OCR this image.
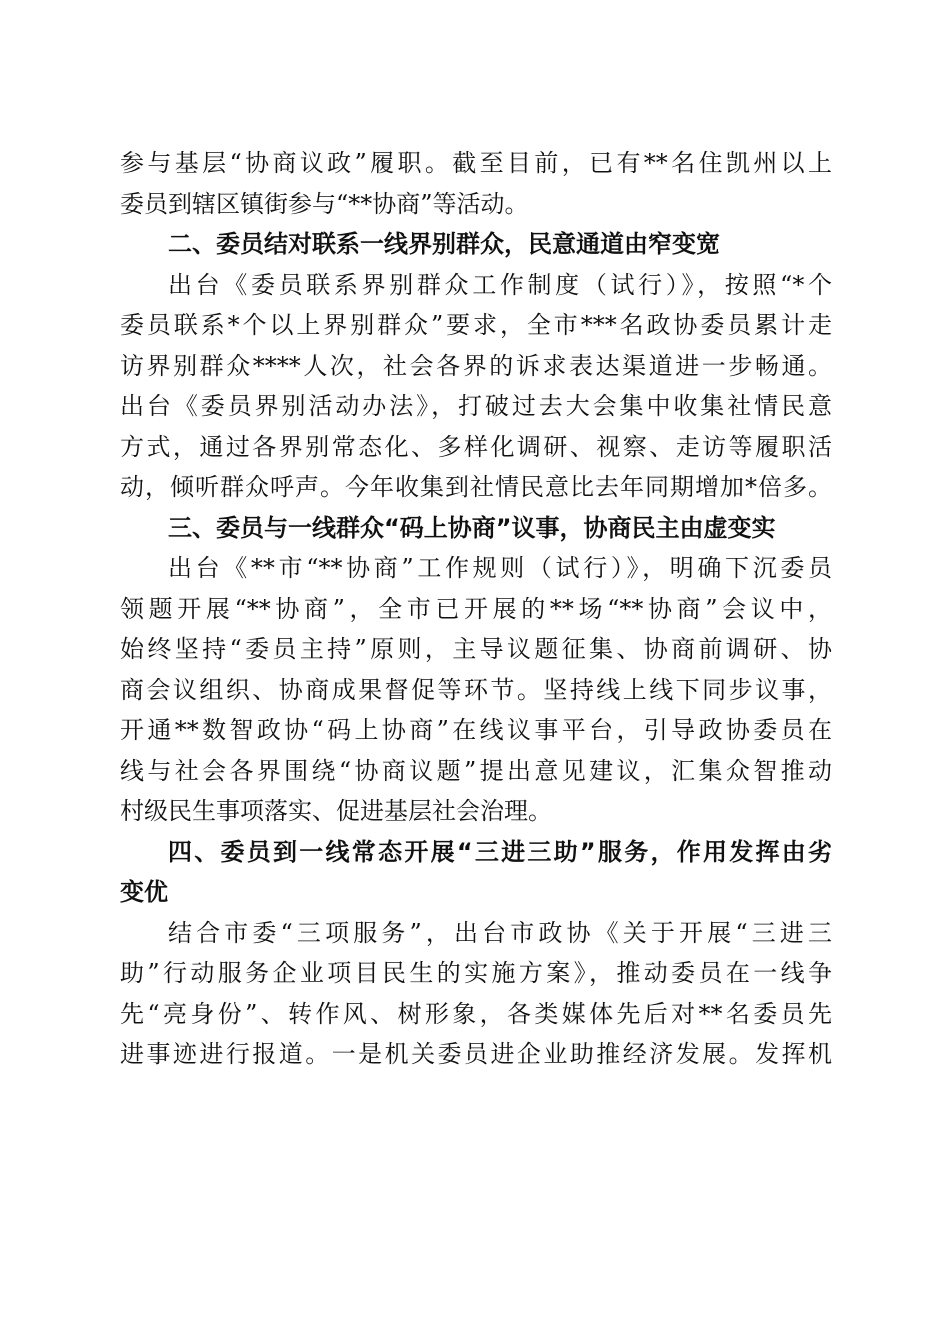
参与基层“协商议政”履职。截至目前，已有**名住凯州以上
委员到辖区镇街参与“**协商”等活动。
二、委员结对联系一线界别群众，民意通道由窄变宽
出台《委员联系界别群众工作制度（试行）》，按照“*个
委员联系*个以上界别群众”要求，全市***名政协委员累计走
访界别群众****人次，社会各界的诉求表达渠道进一步畅通。
出台《委员界别活动办法》，打破过去大会集中收集社情民意
方式，通过各界别常态化、多样化调研、视察、走访等履职活
动，倾听群众呼声。今年收集到社情民意比去年同期增加*倍多。
三、委员与一线群众“码上协商”议事，协商民主由虚变实
出台《**市“**协商”工作规则（试行）》，明确下沉委员
领题开展“**协商”，全市已开展的**场“**协商”会议中，
始终坚持“委员主持”原则，主导议题征集、协商前调研、协
商会议组织、协商成果督促等环节。坚持线上线下同步议事，
开通**数智政协“码上协商”在线议事平台，引导政协委员在
线与社会各界围绕“协商议题”提出意见建议，汇集众智推动
村级民生事项落实、促进基层社会治理。
四、委员到一线常态开展“三进三助”服务，作用发挥由劣
变优
结合市委“三项服务”，出台市政协《关于开展“三进三
助”行动服务企业项目民生的实施方案》，推动委员在一线争
先“亮身份”、转作风、树形象，各类媒体先后对**名委员先
进事迹进行报道。一是机关委员进企业助推经济发展。发挥机
